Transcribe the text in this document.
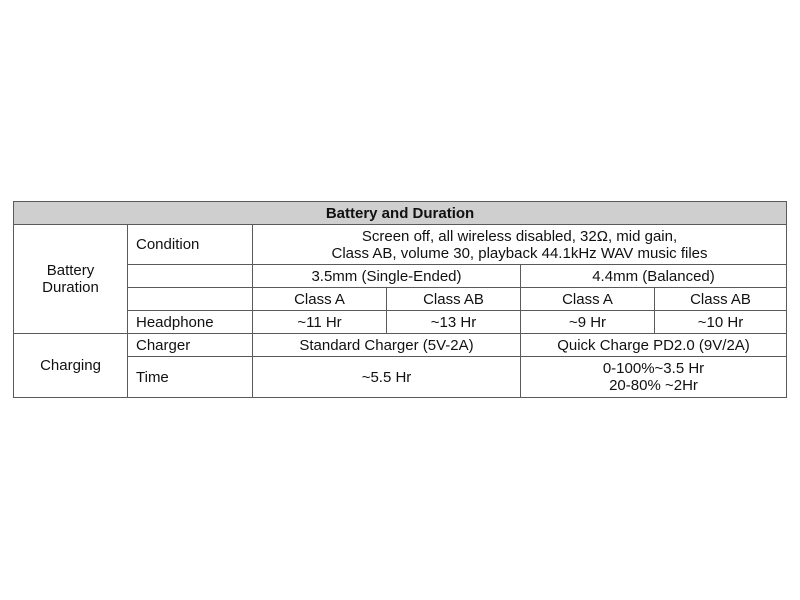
Battery and Duration					

Battery
Duration	Condition	Screen off, all wireless disabled, 32Ω, mid gain,
Class AB, volume 30, playback 44.1kHz WAV music files			

		3.5mm (Single-Ended)		4.4mm (Balanced)	
		Class A	Class AB	Class A	Class AB
	Headphone	~11 Hr	~13 Hr	~9 Hr	~10 Hr
Charging	Charger	Standard Charger (5V-2A)		Quick Charge PD2.0 (9V/2A)	
	Time	~5.5 Hr		0-100%~3.5 Hr
20-80% ~2Hr	
